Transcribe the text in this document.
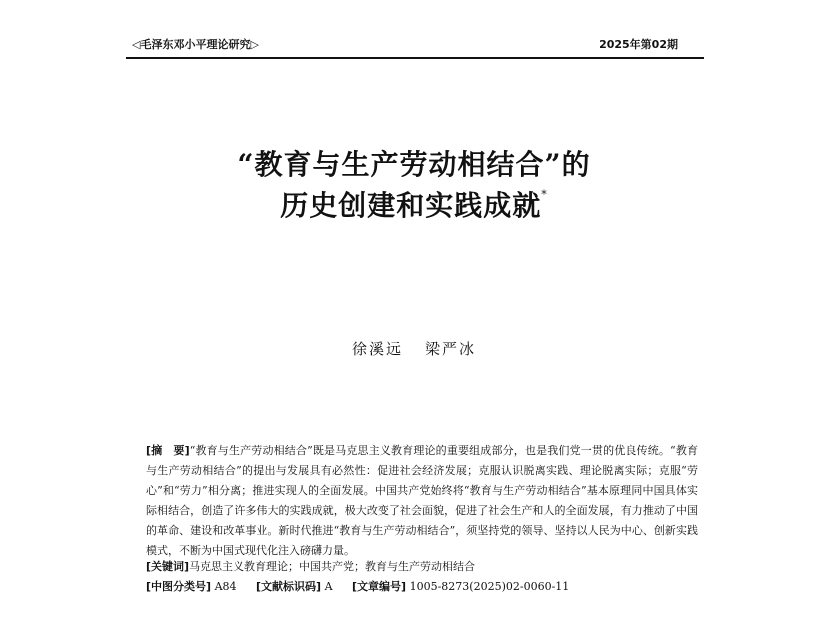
◁毛泽东邓小平理论研究▷	2025年第02期
“教育与生产劳动相结合”的
历史创建和实践成就*
徐溪远 梁严冰
[摘　要]“教育与生产劳动相结合”既是马克思主义教育理论的重要组成部分，也是我们党一贯的优良传统。“教育与生产劳动相结合”的提出与发展具有必然性：促进社会经济发展；克服认识脱离实践、理论脱离实际；克服“劳心”和“劳力”相分离；推进实现人的全面发展。中国共产党始终将“教育与生产劳动相结合”基本原理同中国具体实际相结合，创造了许多伟大的实践成就，极大改变了社会面貌，促进了社会生产和人的全面发展，有力推动了中国的革命、建设和改革事业。新时代推进“教育与生产劳动相结合”，须坚持党的领导、坚持以人民为中心、创新实践模式，不断为中国式现代化注入磅礴力量。
[关键词]马克思主义教育理论；中国共产党；教育与生产劳动相结合
[中图分类号] A84 [文献标识码] A [文章编号] 1005-8273(2025)02-0060-11
